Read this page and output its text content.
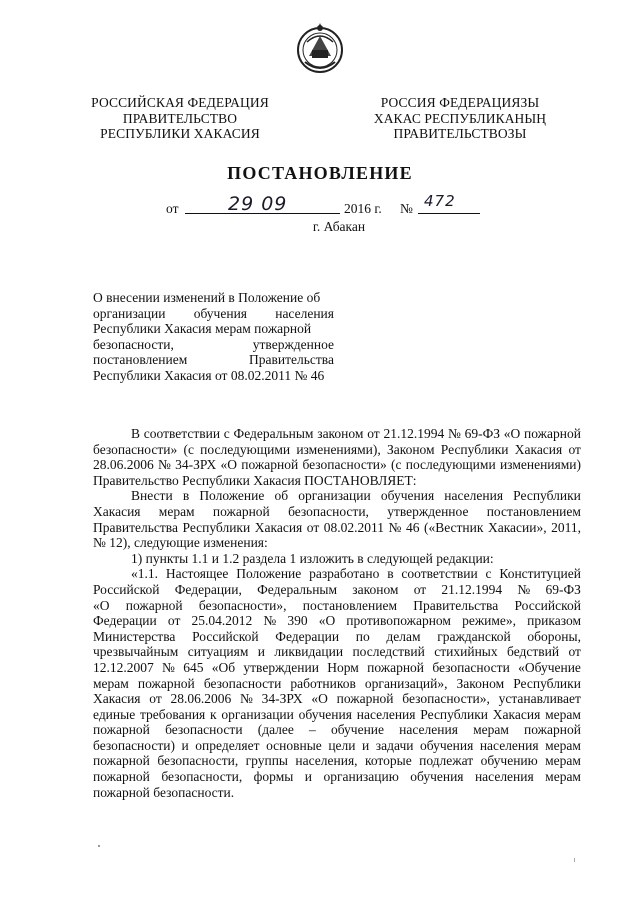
РОССИЙСКАЯ ФЕДЕРАЦИЯ
ПРАВИТЕЛЬСТВО
РЕСПУБЛИКИ ХАКАСИЯ
РОССИЯ ФЕДЕРАЦИЯЗЫ
ХАКАС РЕСПУБЛИКАНЫҢ
ПРАВИТЕЛЬСТВОЗЫ
ПОСТАНОВЛЕНИЕ
от	29 09	2016 г. № 472
г. Абакан
О внесении изменений в Положение об
организации обучения населения
Республики Хакасия мерам пожарной
безопасности,	утвержденное
постановлением	Правительства
Республики Хакасия от 08.02.2011 № 46
В соответствии с Федеральным законом от 21.12.1994 № 69-ФЗ «О пожарной
безопасности» (с последующими изменениями), Законом Республики Хакасия от
28.06.2006 № 34-ЗРХ «О пожарной безопасности» (с последующими изменениями)
Правительство Республики Хакасия ПОСТАНОВЛЯЕТ:
Внести в Положение об организации обучения населения Республики
Хакасия мерам пожарной безопасности, утвержденное постановлением
Правительства Республики Хакасия от 08.02.2011 № 46 («Вестник Хакасии», 2011,
№ 12), следующие изменения:
1) пункты 1.1 и 1.2 раздела 1 изложить в следующей редакции:
«1.1. Настоящее Положение разработано в соответствии с Конституцией
Российской Федерации, Федеральным законом от 21.12.1994 № 69-ФЗ
«О пожарной безопасности», постановлением Правительства Российской
Федерации от 25.04.2012 № 390 «О противопожарном режиме», приказом
Министерства Российской Федерации по делам гражданской обороны,
чрезвычайным ситуациям и ликвидации последствий стихийных бедствий от
12.12.2007 № 645 «Об утверждении Норм пожарной безопасности «Обучение
мерам пожарной безопасности работников организаций», Законом Республики
Хакасия от 28.06.2006 № 34-ЗРХ «О пожарной безопасности», устанавливает
единые требования к организации обучения населения Республики Хакасия мерам
пожарной безопасности (далее – обучение населения мерам пожарной
безопасности) и определяет основные цели и задачи обучения населения мерам
пожарной безопасности, группы населения, которые подлежат обучению мерам
пожарной безопасности, формы и организацию обучения населения мерам
пожарной безопасности.
